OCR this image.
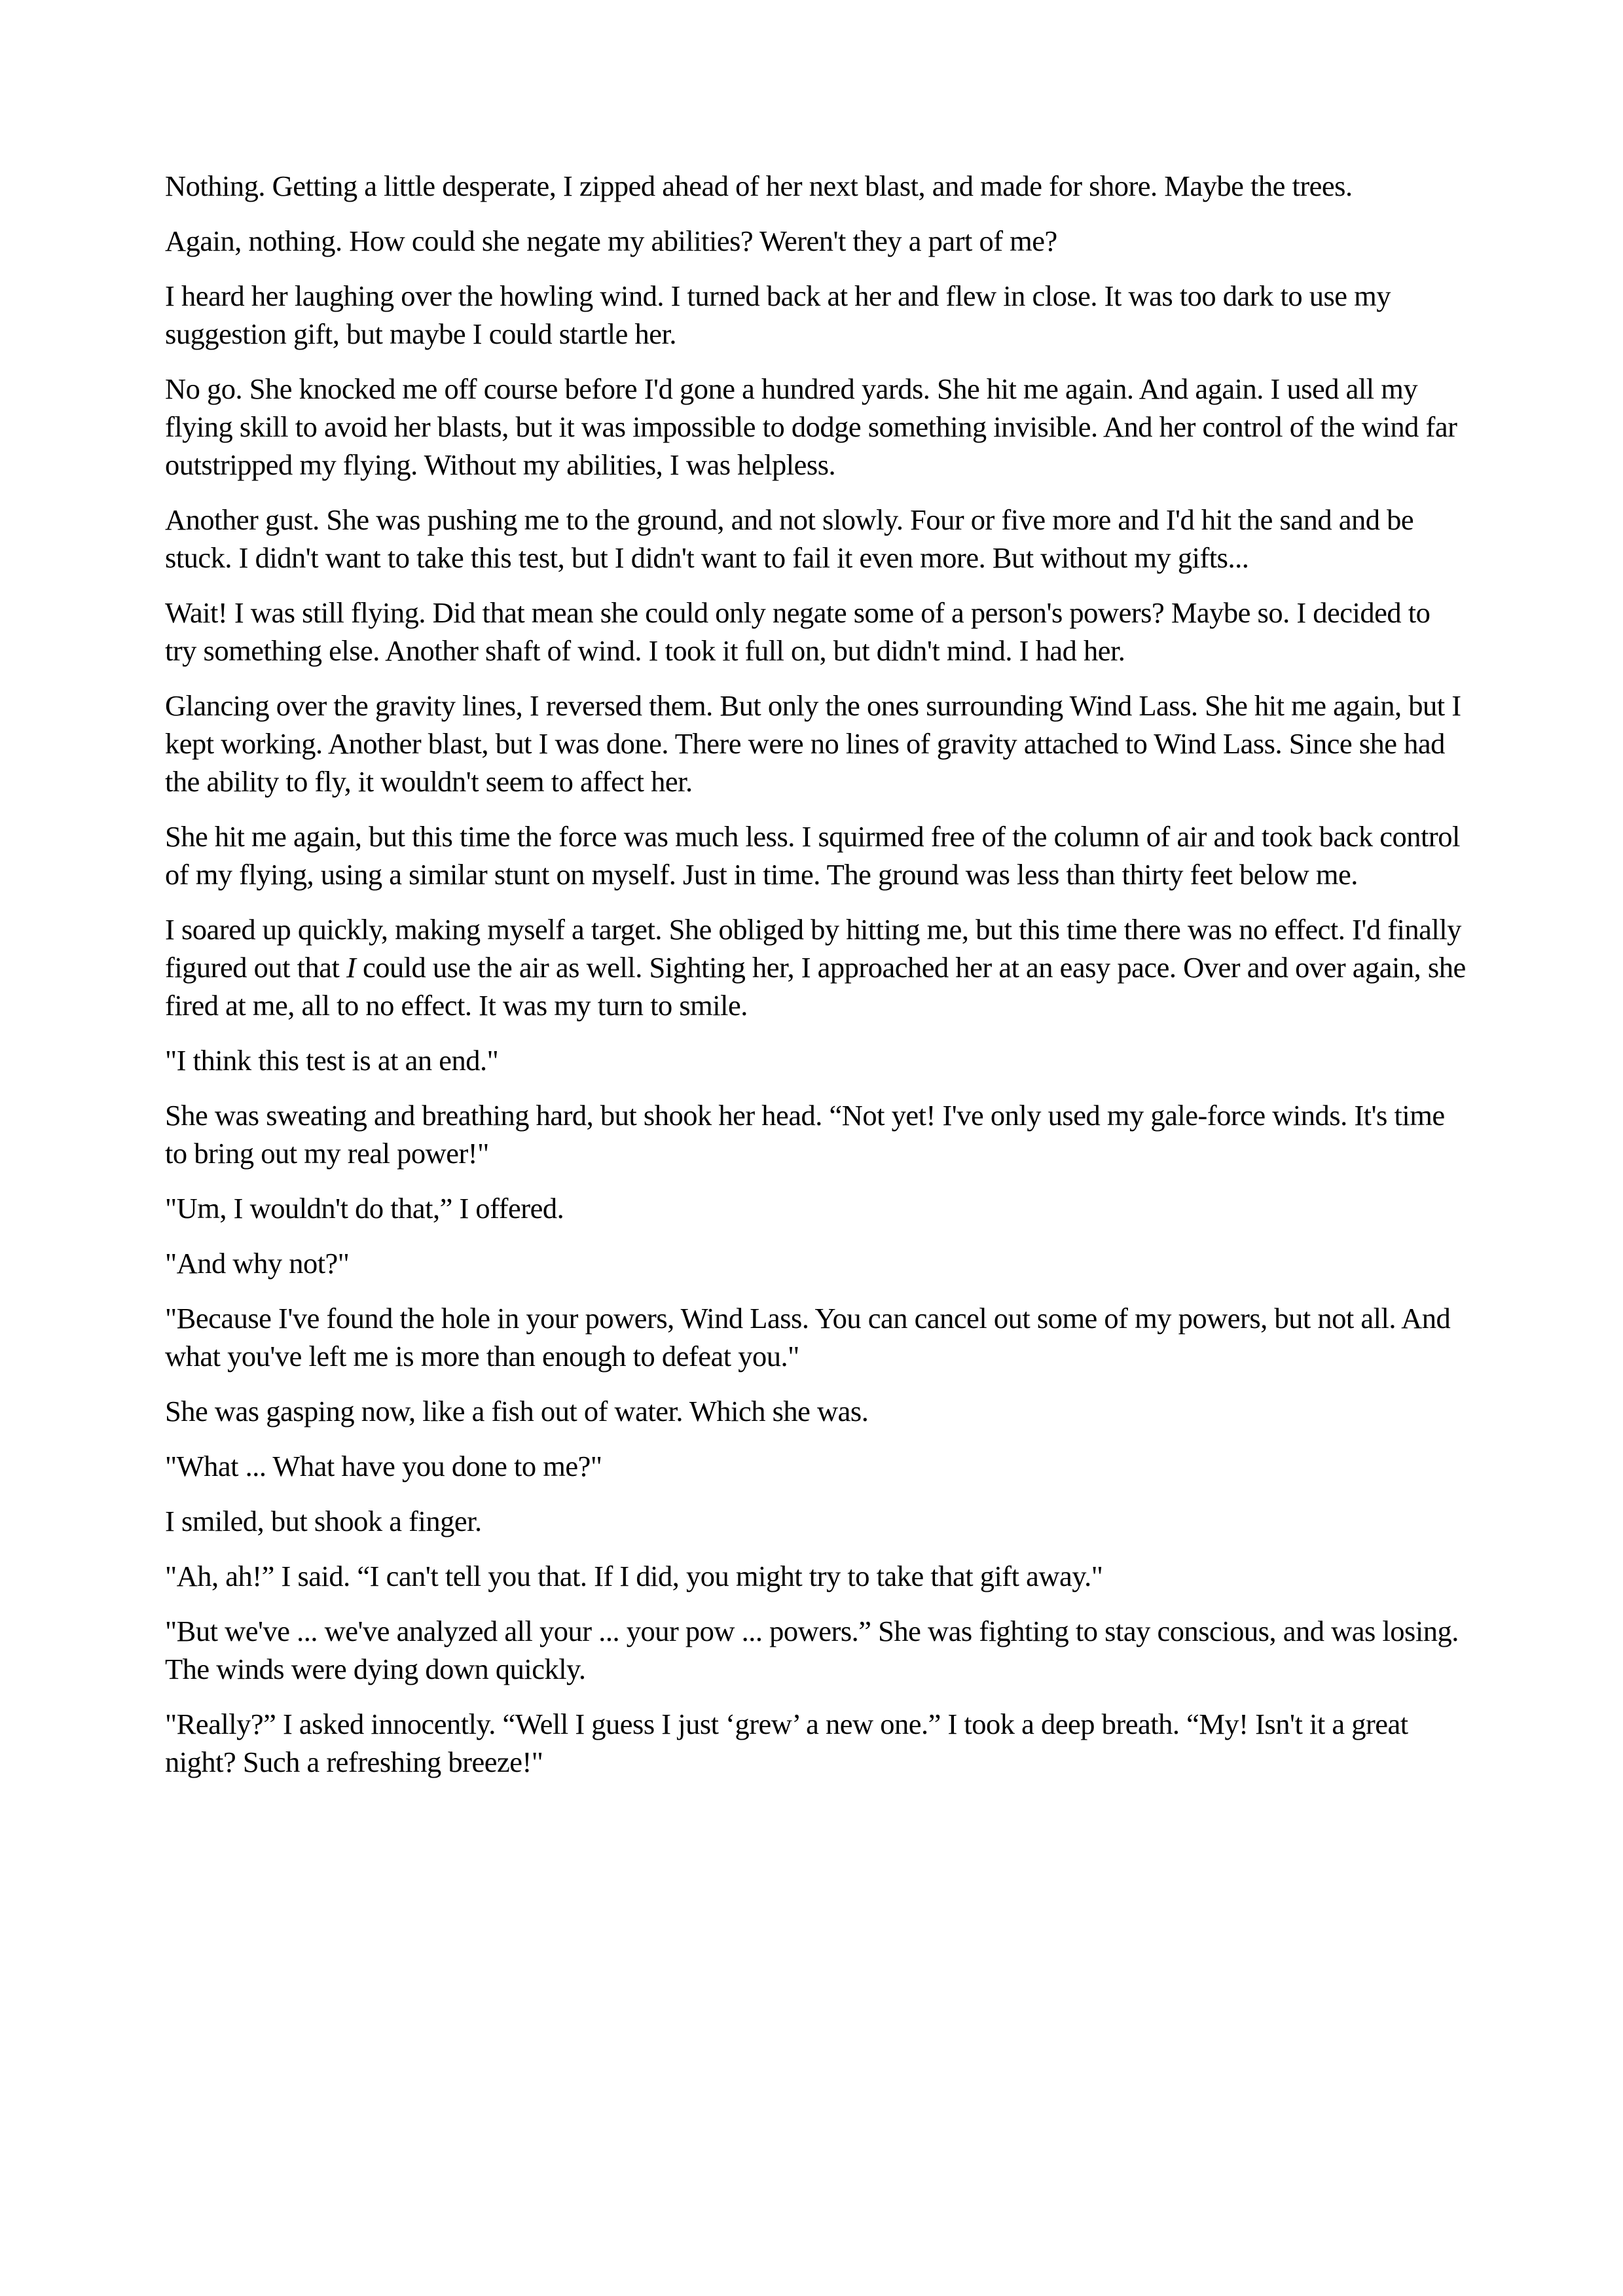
Nothing. Getting a little desperate, I zipped ahead of her next blast, and made for shore. Maybe the trees.

Again, nothing. How could she negate my abilities? Weren't they a part of me?

I heard her laughing over the howling wind. I turned back at her and flew in close. It was too dark to use my suggestion gift, but maybe I could startle her.

No go. She knocked me off course before I'd gone a hundred yards. She hit me again. And again. I used all my flying skill to avoid her blasts, but it was impossible to dodge something invisible. And her control of the wind far outstripped my flying. Without my abilities, I was helpless.

Another gust. She was pushing me to the ground, and not slowly. Four or five more and I'd hit the sand and be stuck. I didn't want to take this test, but I didn't want to fail it even more. But without my gifts...

Wait! I was still flying. Did that mean she could only negate some of a person's powers? Maybe so. I decided to try something else. Another shaft of wind. I took it full on, but didn't mind. I had her.

Glancing over the gravity lines, I reversed them. But only the ones surrounding Wind Lass. She hit me again, but I kept working. Another blast, but I was done. There were no lines of gravity attached to Wind Lass. Since she had the ability to fly, it wouldn't seem to affect her.

She hit me again, but this time the force was much less. I squirmed free of the column of air and took back control of my flying, using a similar stunt on myself. Just in time. The ground was less than thirty feet below me.

I soared up quickly, making myself a target. She obliged by hitting me, but this time there was no effect. I'd finally figured out that I could use the air as well. Sighting her, I approached her at an easy pace. Over and over again, she fired at me, all to no effect. It was my turn to smile.

"I think this test is at an end."

She was sweating and breathing hard, but shook her head. “Not yet! I've only used my gale-force winds. It's time to bring out my real power!"

"Um, I wouldn't do that,” I offered.

"And why not?"

"Because I've found the hole in your powers, Wind Lass. You can cancel out some of my powers, but not all. And what you've left me is more than enough to defeat you."

She was gasping now, like a fish out of water. Which she was.

"What ... What have you done to me?"

I smiled, but shook a finger.

"Ah, ah!” I said. “I can't tell you that. If I did, you might try to take that gift away."

"But we've ... we've analyzed all your ... your pow ... powers.” She was fighting to stay conscious, and was losing. The winds were dying down quickly.

"Really?” I asked innocently. “Well I guess I just ‘grew’ a new one.” I took a deep breath. “My! Isn't it a great night? Such a refreshing breeze!"
